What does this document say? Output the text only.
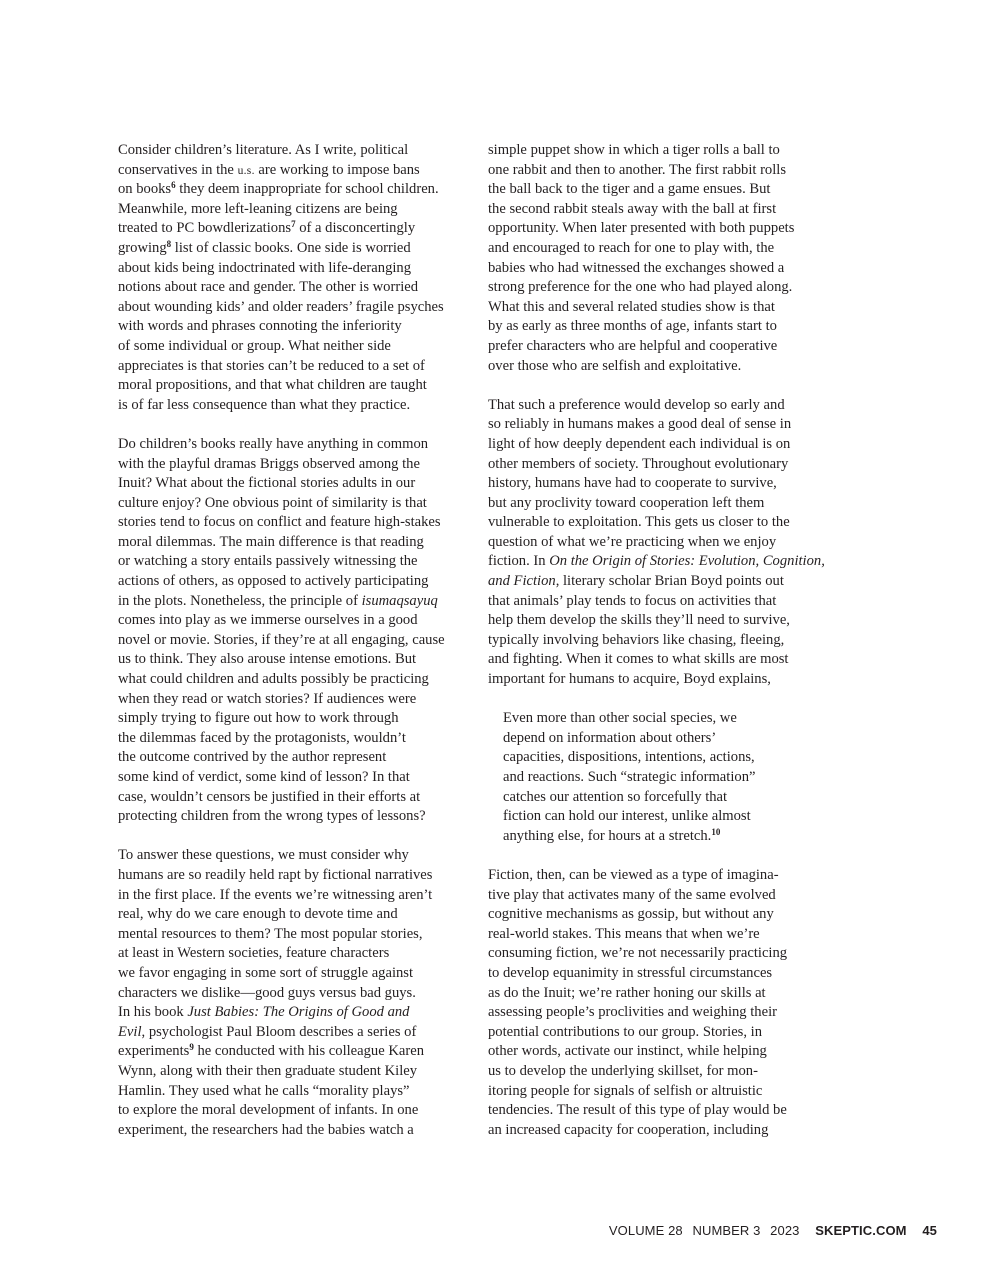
Consider children’s literature. As I write, political
conservatives in the u.s. are working to impose bans
on books$^6$ they deem inappropriate for school children.
Meanwhile, more left-leaning citizens are being
treated to PC bowdlerizations$^7$ of a disconcertingly
growing$^8$ list of classic books. One side is worried
about kids being indoctrinated with life-deranging
notions about race and gender. The other is worried
about wounding kids’ and older readers’ fragile psyches
with words and phrases connoting the inferiority
of some individual or group. What neither side
appreciates is that stories can’t be reduced to a set of
moral propositions, and that what children are taught
is of far less consequence than what they practice.
Do children’s books really have anything in common
with the playful dramas Briggs observed among the
Inuit? What about the fictional stories adults in our
culture enjoy? One obvious point of similarity is that
stories tend to focus on conflict and feature high-stakes
moral dilemmas. The main difference is that reading
or watching a story entails passively witnessing the
actions of others, as opposed to actively participating
in the plots. Nonetheless, the principle of isumaqsayuq
comes into play as we immerse ourselves in a good
novel or movie. Stories, if they’re at all engaging, cause
us to think. They also arouse intense emotions. But
what could children and adults possibly be practicing
when they read or watch stories? If audiences were
simply trying to figure out how to work through
the dilemmas faced by the protagonists, wouldn’t
the outcome contrived by the author represent
some kind of verdict, some kind of lesson? In that
case, wouldn’t censors be justified in their efforts at
protecting children from the wrong types of lessons?
To answer these questions, we must consider why
humans are so readily held rapt by fictional narratives
in the first place. If the events we’re witnessing aren’t
real, why do we care enough to devote time and
mental resources to them? The most popular stories,
at least in Western societies, feature characters
we favor engaging in some sort of struggle against
characters we dislike—good guys versus bad guys.
In his book Just Babies: The Origins of Good and
Evil, psychologist Paul Bloom describes a series of
experiments$^9$ he conducted with his colleague Karen
Wynn, along with their then graduate student Kiley
Hamlin. They used what he calls “morality plays”
to explore the moral development of infants. In one
experiment, the researchers had the babies watch a
simple puppet show in which a tiger rolls a ball to
one rabbit and then to another. The first rabbit rolls
the ball back to the tiger and a game ensues. But
the second rabbit steals away with the ball at first
opportunity. When later presented with both puppets
and encouraged to reach for one to play with, the
babies who had witnessed the exchanges showed a
strong preference for the one who had played along.
What this and several related studies show is that
by as early as three months of age, infants start to
prefer characters who are helpful and cooperative
over those who are selfish and exploitative.
That such a preference would develop so early and
so reliably in humans makes a good deal of sense in
light of how deeply dependent each individual is on
other members of society. Throughout evolutionary
history, humans have had to cooperate to survive,
but any proclivity toward cooperation left them
vulnerable to exploitation. This gets us closer to the
question of what we’re practicing when we enjoy
fiction. In On the Origin of Stories: Evolution, Cognition,
and Fiction, literary scholar Brian Boyd points out
that animals’ play tends to focus on activities that
help them develop the skills they’ll need to survive,
typically involving behaviors like chasing, fleeing,
and fighting. When it comes to what skills are most
important for humans to acquire, Boyd explains,
Even more than other social species, we
depend on information about others’
capacities, dispositions, intentions, actions,
and reactions. Such “strategic information”
catches our attention so forcefully that
fiction can hold our interest, unlike almost
anything else, for hours at a stretch.$^{10}$
Fiction, then, can be viewed as a type of imagina-
tive play that activates many of the same evolved
cognitive mechanisms as gossip, but without any
real-world stakes. This means that when we’re
consuming fiction, we’re not necessarily practicing
to develop equanimity in stressful circumstances
as do the Inuit; we’re rather honing our skills at
assessing people’s proclivities and weighing their
potential contributions to our group. Stories, in
other words, activate our instinct, while helping
us to develop the underlying skillset, for mon-
itoring people for signals of selfish or altruistic
tendencies. The result of this type of play would be
an increased capacity for cooperation, including
VOLUME 28 NUMBER 3 2023 SKEPTIC.COM 45
